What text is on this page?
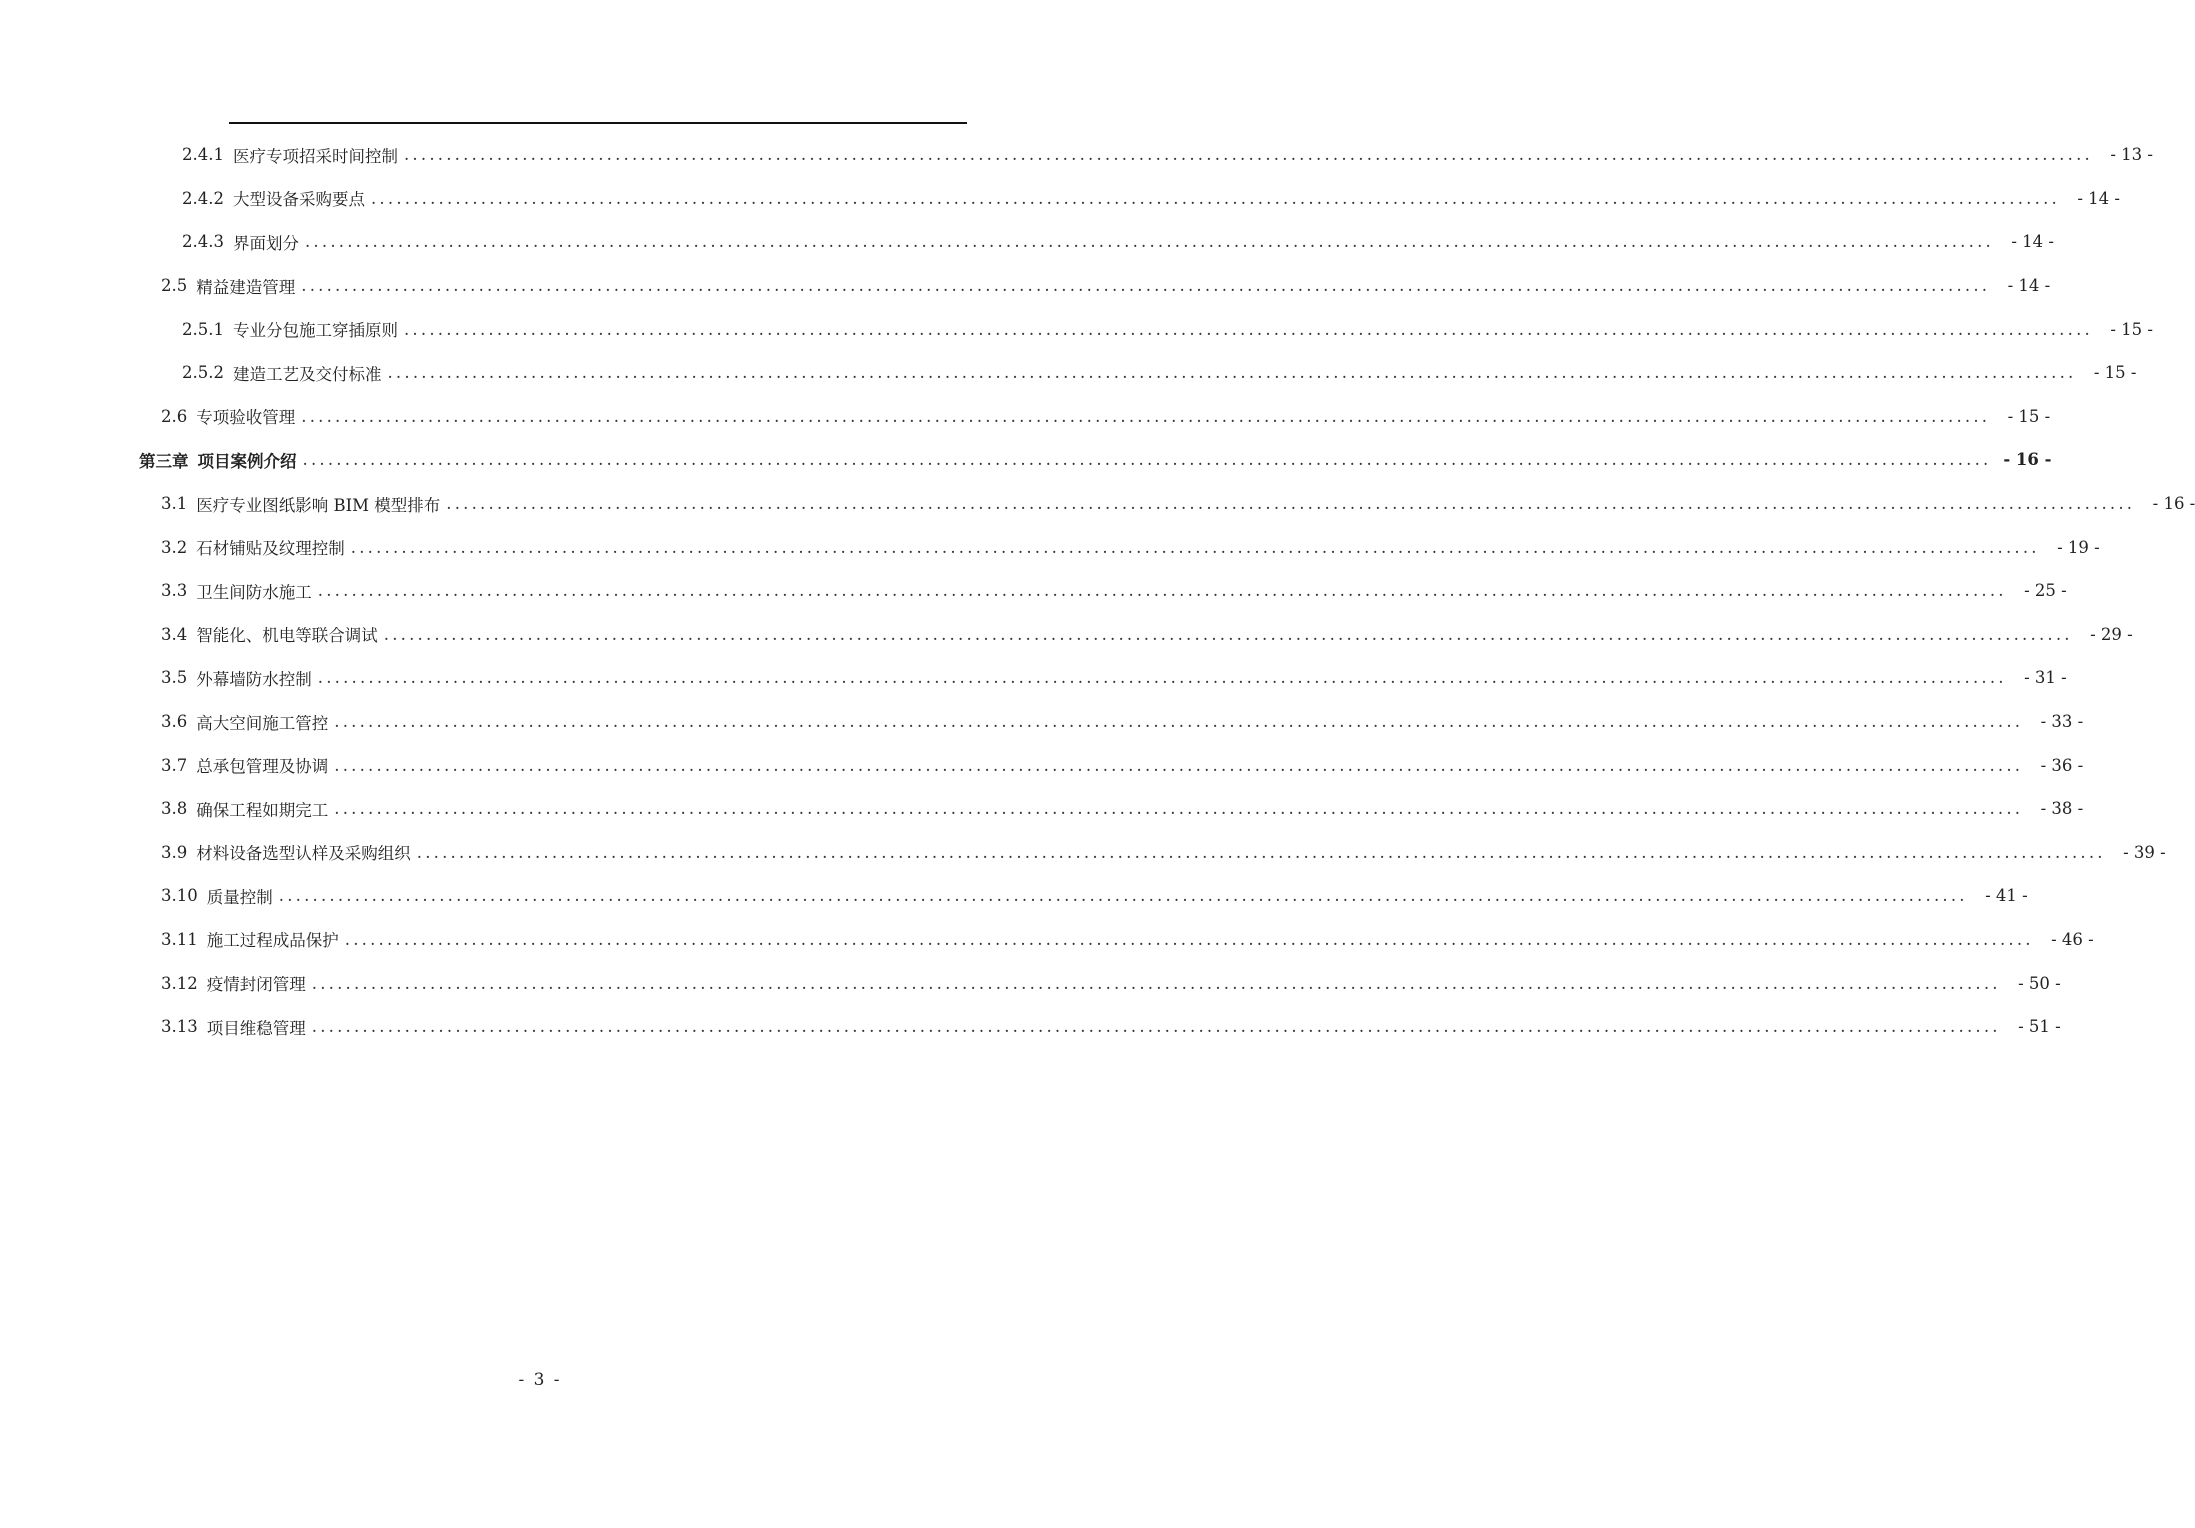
2.4.1 医疗专项招采时间控制 ........................................................................................................................................................................................................	- 13 -
2.4.2 大型设备采购要点 ........................................................................................................................................................................................................	- 14 -
2.4.3 界面划分 ........................................................................................................................................................................................................	- 14 -
2.5 精益建造管理 ........................................................................................................................................................................................................	- 14 -
2.5.1 专业分包施工穿插原则 ........................................................................................................................................................................................................	- 15 -
2.5.2 建造工艺及交付标准 ........................................................................................................................................................................................................	- 15 -
2.6 专项验收管理 ........................................................................................................................................................................................................	- 15 -
第三章 项目案例介绍 ........................................................................................................................................................................................................ - 16 -
3.1 医疗专业图纸影响 BIM 模型排布 ........................................................................................................................................................................................................	- 16 -
3.2 石材铺贴及纹理控制 ........................................................................................................................................................................................................	- 19 -
3.3 卫生间防水施工 ........................................................................................................................................................................................................	- 25 -
3.4 智能化、机电等联合调试 ........................................................................................................................................................................................................	- 29 -
3.5 外幕墙防水控制 ........................................................................................................................................................................................................	- 31 -
3.6 高大空间施工管控 ........................................................................................................................................................................................................	- 33 -
3.7 总承包管理及协调 ........................................................................................................................................................................................................	- 36 -
3.8 确保工程如期完工 ........................................................................................................................................................................................................	- 38 -
3.9 材料设备选型认样及采购组织 ........................................................................................................................................................................................................	- 39 -
3.10 质量控制 ........................................................................................................................................................................................................	- 41 -
3.11 施工过程成品保护 ........................................................................................................................................................................................................	- 46 -
3.12 疫情封闭管理 ........................................................................................................................................................................................................	- 50 -
3.13 项目维稳管理 ........................................................................................................................................................................................................	- 51 -
- 3 -
